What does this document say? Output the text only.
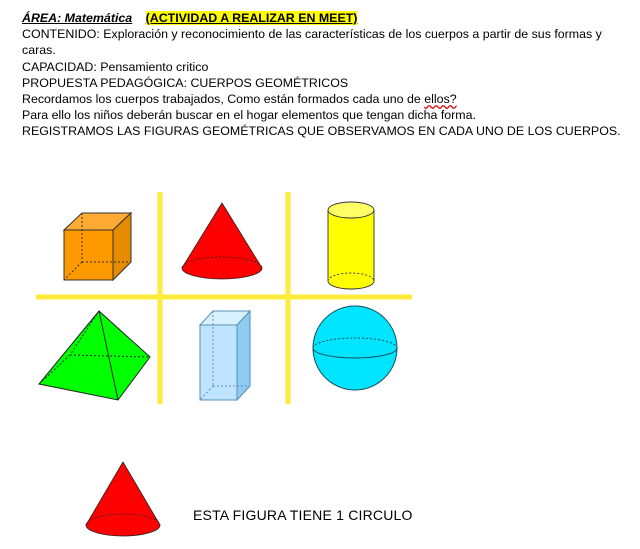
ÁREA: Matemática (ACTIVIDAD A REALIZAR EN MEET)

CONTENIDO: Exploración y reconocimiento de las características de los cuerpos a partir de sus formas y caras.

CAPACIDAD: Pensamiento critico

PROPUESTA PEDAGÓGICA: CUERPOS GEOMÉTRICOS

Recordamos los cuerpos trabajados, Como están formados cada uno de ellos?

Para ello los niños deberán buscar en el hogar elementos que tengan dicha forma.

REGISTRAMOS LAS FIGURAS GEOMÉTRICAS QUE OBSERVAMOS EN CADA UNO DE LOS CUERPOS.

ESTA FIGURA TIENE 1 CIRCULO
